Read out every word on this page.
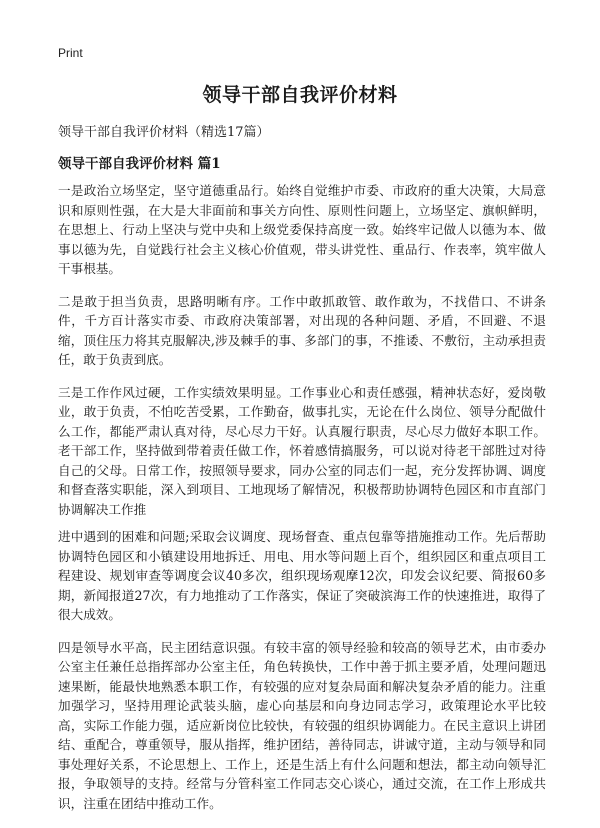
Print
领导干部自我评价材料

领导干部自我评价材料（精选17篇）

领导干部自我评价材料 篇1

一是政治立场坚定，坚守道德重品行。始终自觉维护市委、市政府的重大决策，大局意识和原则性强，在大是大非面前和事关方向性、原则性问题上，立场坚定、旗帜鲜明，在思想上、行动上坚决与党中央和上级党委保持高度一致。始终牢记做人以德为本、做事以德为先，自觉践行社会主义核心价值观，带头讲党性、重品行、作表率，筑牢做人干事根基。

二是敢于担当负责，思路明晰有序。工作中敢抓敢管、敢作敢为，不找借口、不讲条件，千方百计落实市委、市政府决策部署，对出现的各种问题、矛盾，不回避、不退缩，顶住压力将其克服解决,涉及棘手的事、多部门的事，不推诿、不敷衍，主动承担责任，敢于负责到底。

三是工作作风过硬，工作实绩效果明显。工作事业心和责任感强，精神状态好，爱岗敬业，敢于负责，不怕吃苦受累，工作勤奋，做事扎实，无论在什么岗位、领导分配做什么工作，都能严肃认真对待，尽心尽力干好。认真履行职责，尽心尽力做好本职工作。老干部工作，坚持做到带着责任做工作，怀着感情搞服务，可以说对待老干部胜过对待自己的父母。日常工作，按照领导要求，同办公室的同志们一起，充分发挥协调、调度和督查落实职能，深入到项目、工地现场了解情况，积极帮助协调特色园区和市直部门协调解决工作推

进中遇到的困难和问题;采取会议调度、现场督查、重点包靠等措施推动工作。先后帮助协调特色园区和小镇建设用地拆迁、用电、用水等问题上百个，组织园区和重点项目工程建设、规划审查等调度会议40多次，组织现场观摩12次，印发会议纪要、简报60多期，新闻报道27次，有力地推动了工作落实，保证了突破滨海工作的快速推进，取得了很大成效。

四是领导水平高，民主团结意识强。有较丰富的领导经验和较高的领导艺术，由市委办公室主任兼任总指挥部办公室主任，角色转换快，工作中善于抓主要矛盾，处理问题迅速果断，能最快地熟悉本职工作，有较强的应对复杂局面和解决复杂矛盾的能力。注重加强学习，坚持用理论武装头脑，虚心向基层和向身边同志学习，政策理论水平比较高，实际工作能力强，适应新岗位比较快，有较强的组织协调能力。在民主意识上讲团结、重配合，尊重领导，服从指挥，维护团结，善待同志，讲诚守道，主动与领导和同事处理好关系，不论思想上、工作上，还是生活上有什么问题和想法，都主动向领导汇报，争取领导的支持。经常与分管科室工作同志交心谈心，通过交流，在工作上形成共识，注重在团结中推动工作。
